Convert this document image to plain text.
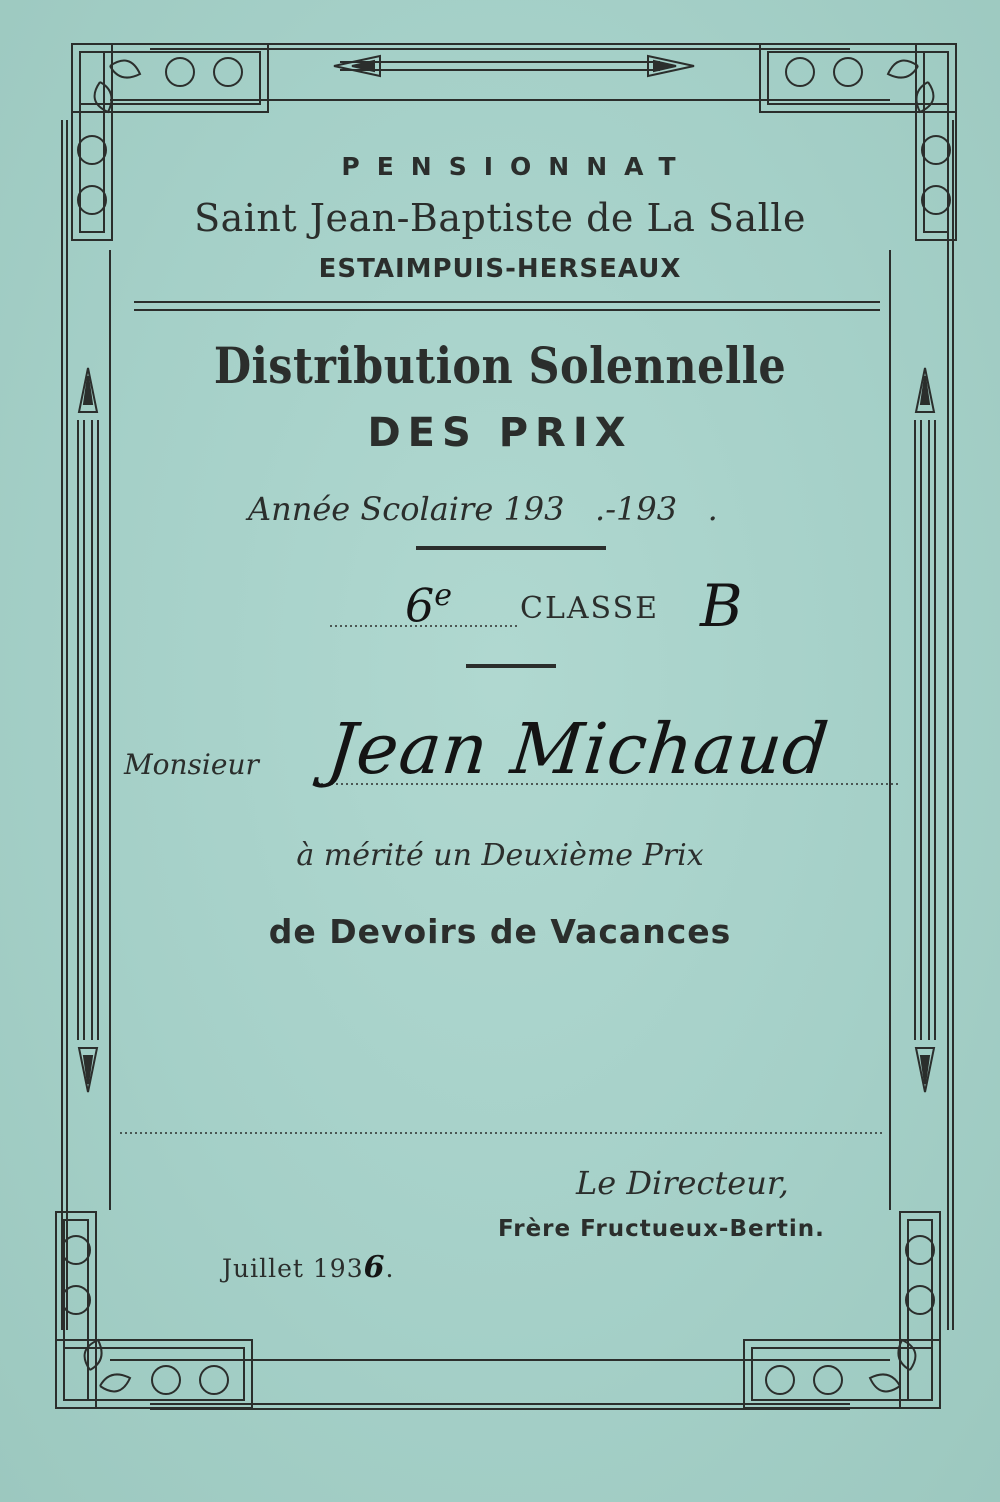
PENSIONNAT
Saint Jean-Baptiste de La Salle
ESTAIMPUIS-HERSEAUX
Distribution Solennelle
DES PRIX
Année Scolaire 193 .-193 .
6e CLASSE B
Monsieur Jean Michaud
à mérité un Deuxième Prix
de Devoirs de Vacances
Le Directeur,
Frère Fructueux-Bertin.
Juillet 1936.
